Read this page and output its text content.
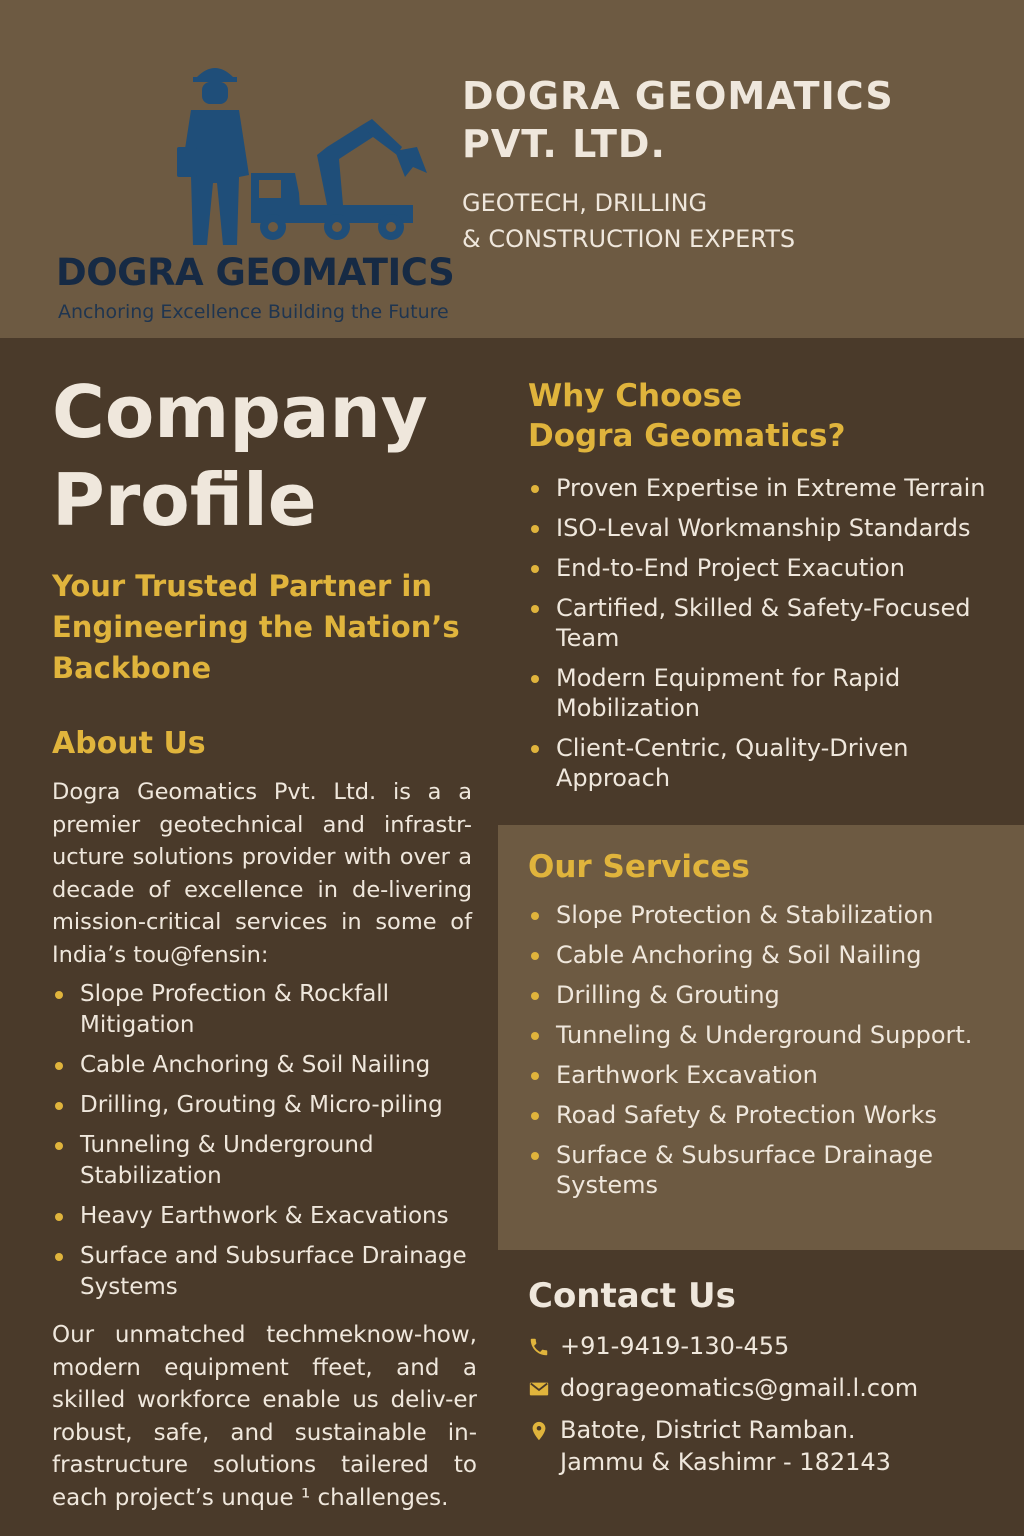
DOGRA GEOMATICS
Anchoring Excellence Building the Future
DOGRA GEOMATICS
PVT. LTD.
GEOTECH, DRILLING
& CONSTRUCTION EXPERTS
Company
Profile
Your Trusted Partner in Engineering the Nation’s Backbone
About Us
Dogra Geomatics Pvt. Ltd. is a a premier geotechnical and infrastr-ucture solutions provider with over a decade of excellence in de-livering mission-critical services in some of India’s tou@fensin:
Slope Profection & Rockfall Mitigation
Cable Anchoring & Soil Nailing
Drilling, Grouting & Micro-piling
Tunneling & Underground Stabilization
Heavy Earthwork & Exacvations
Surface and Subsurface Drainage Systems
Our unmatched techmeknow-how, modern equipment ffeet, and a skilled workforce enable us deliv-er robust, safe, and sustainable in-frastructure solutions tailered to each project’s unque ¹ challenges.
Why Choose
Dogra Geomatics?
Proven Expertise in Extreme Terrain
ISO-Leval Workmanship Standards
End-to-End Project Exacution
Cartified, Skilled & Safety-Focused Team
Modern Equipment for Rapid Mobilization
Client-Centric, Quality-Driven Approach
Our Services
Slope Protection & Stabilization
Cable Anchoring & Soil Nailing
Drilling & Grouting
Tunneling & Underground Support.
Earthwork Excavation
Road Safety & Protection Works
Surface & Subsurface Drainage Systems
Contact Us
+91-9419-130-455
dogragеomatics@gmail.l.com
Batote, District Ramban.
Jammu & Kashimr - 182143
